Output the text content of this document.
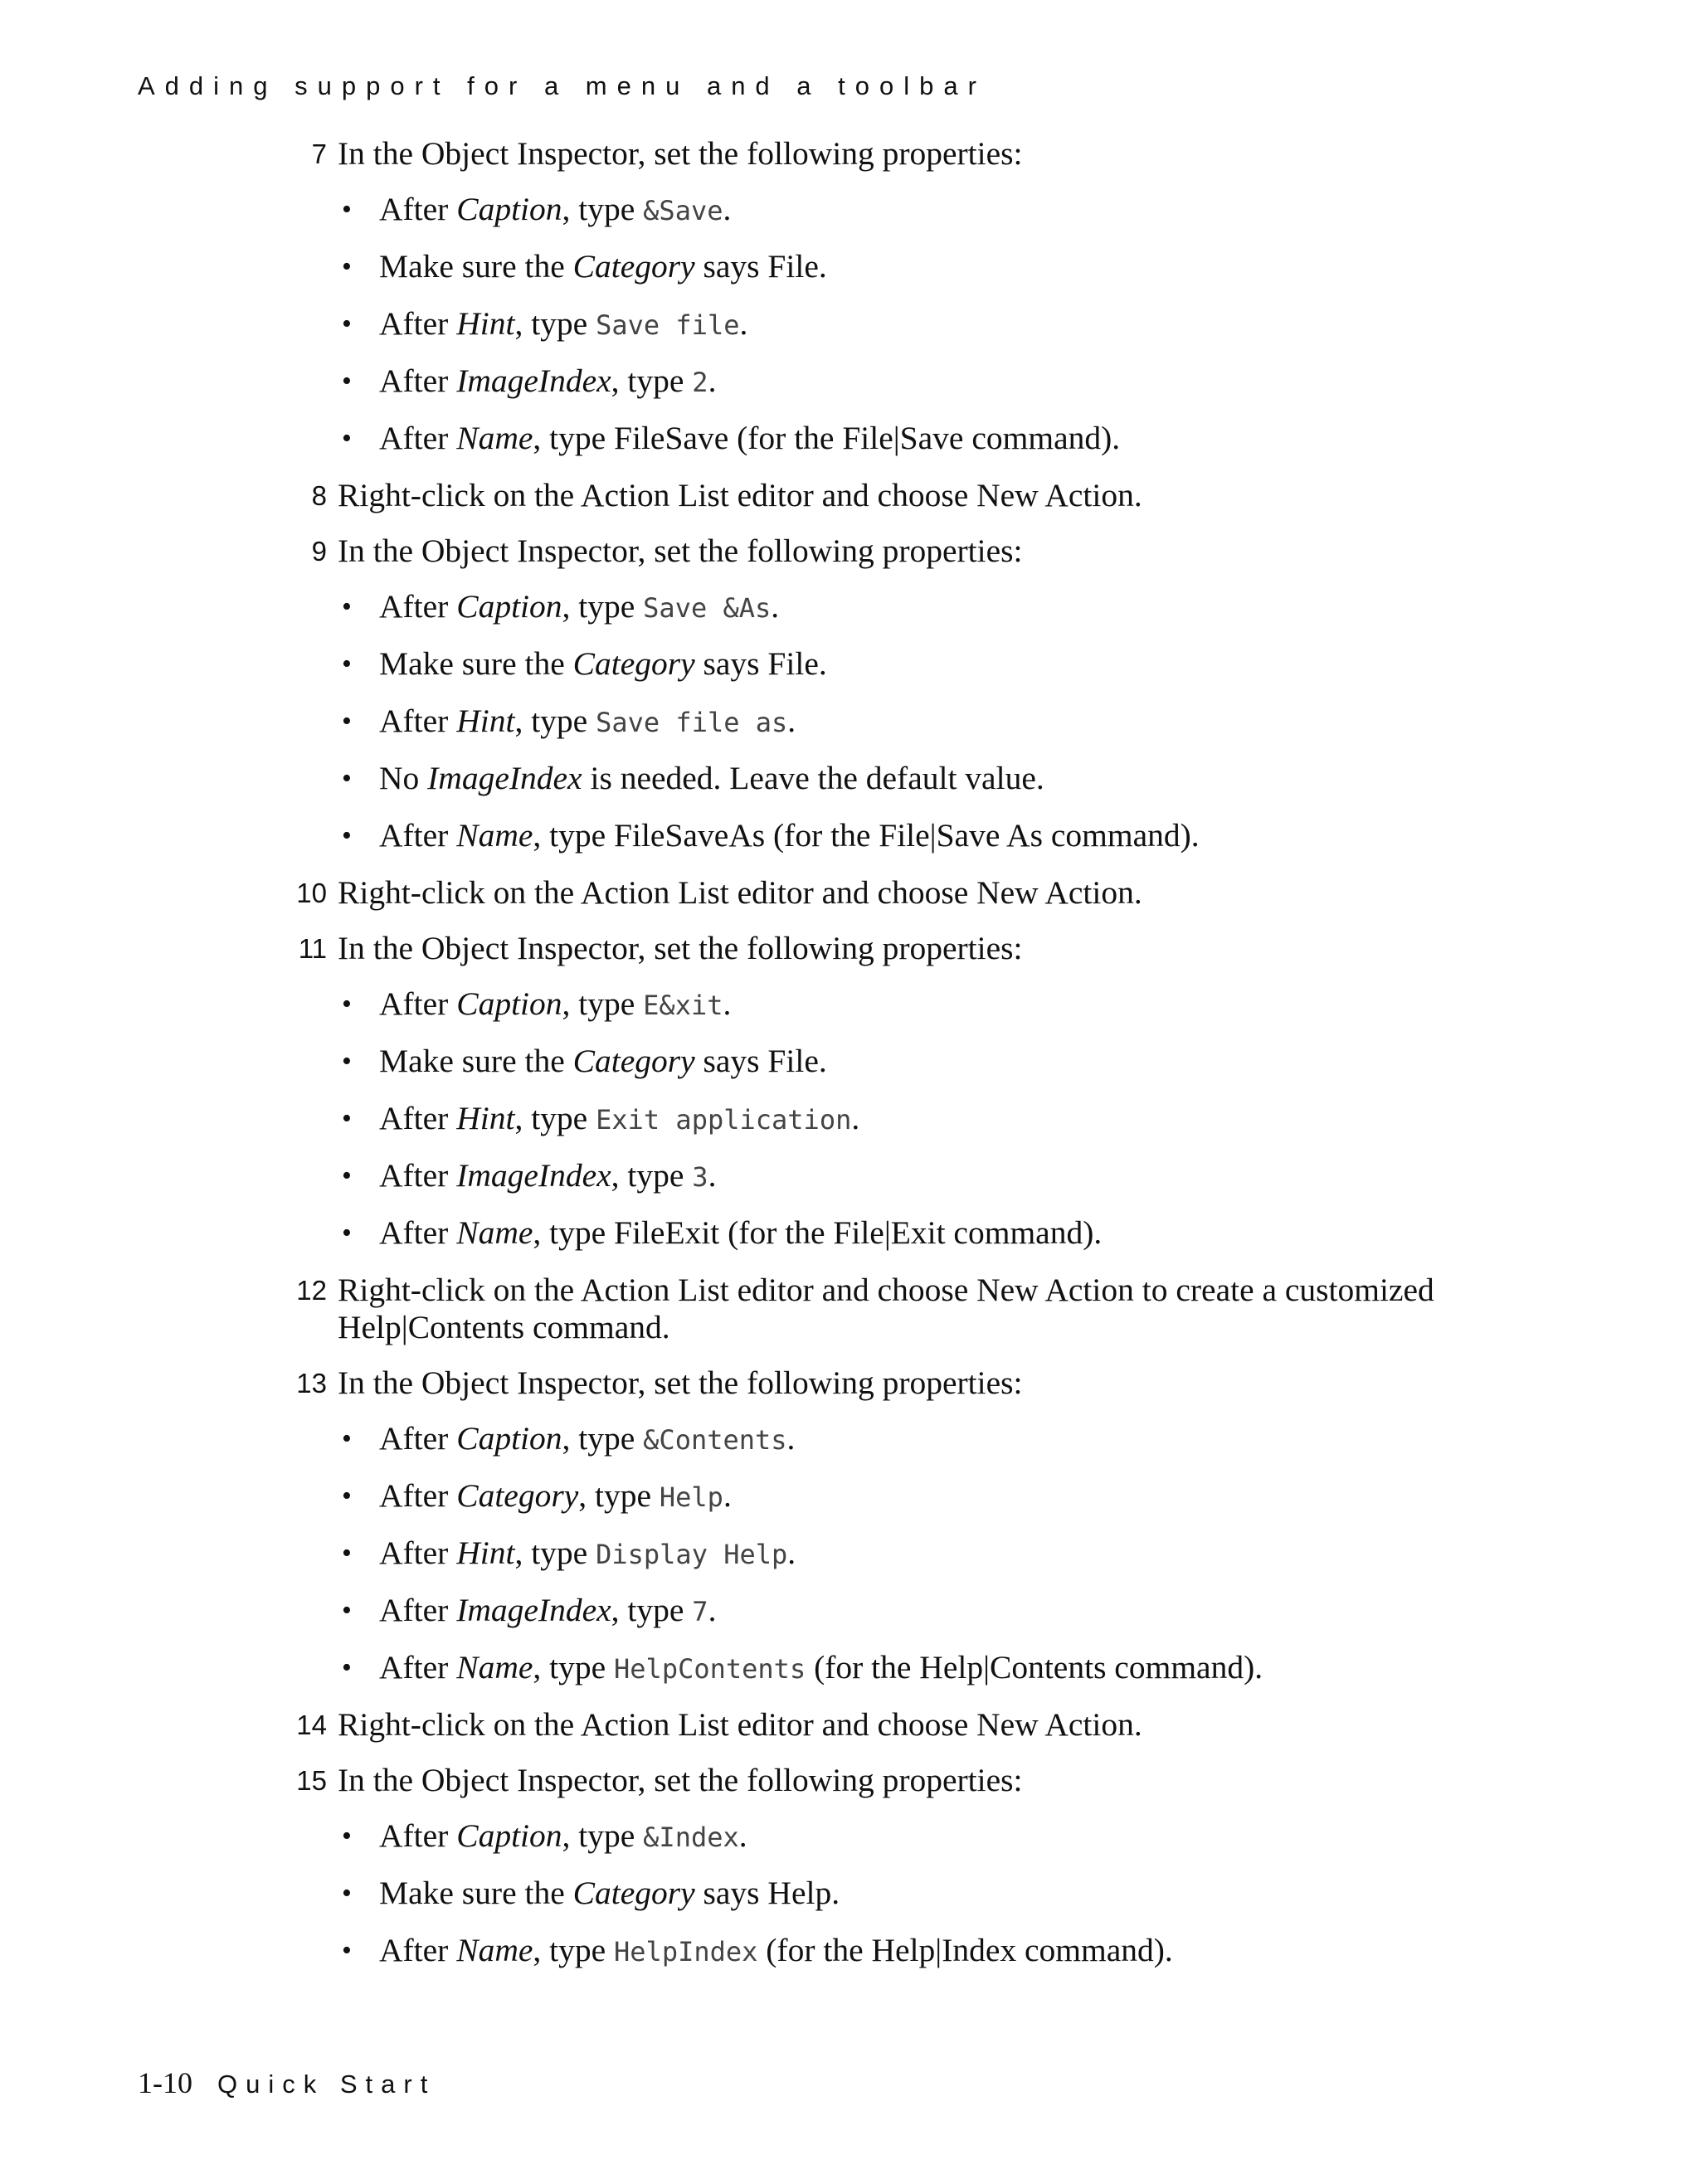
Adding support for a menu and a toolbar
7 In the Object Inspector, set the following properties:
• After Caption, type &Save.
• Make sure the Category says File.
• After Hint, type Save file.
• After ImageIndex, type 2.
• After Name, type FileSave (for the File|Save command).
8 Right-click on the Action List editor and choose New Action.
9 In the Object Inspector, set the following properties:
• After Caption, type Save &As.
• Make sure the Category says File.
• After Hint, type Save file as.
• No ImageIndex is needed. Leave the default value.
• After Name, type FileSaveAs (for the File|Save As command).
10 Right-click on the Action List editor and choose New Action.
11 In the Object Inspector, set the following properties:
• After Caption, type E&xit.
• Make sure the Category says File.
• After Hint, type Exit application.
• After ImageIndex, type 3.
• After Name, type FileExit (for the File|Exit command).
12 Right-click on the Action List editor and choose New Action to create a customized Help|Contents command.
13 In the Object Inspector, set the following properties:
• After Caption, type &Contents.
• After Category, type Help.
• After Hint, type Display Help.
• After ImageIndex, type 7.
• After Name, type HelpContents (for the Help|Contents command).
14 Right-click on the Action List editor and choose New Action.
15 In the Object Inspector, set the following properties:
• After Caption, type &Index.
• Make sure the Category says Help.
• After Name, type HelpIndex (for the Help|Index command).
1-10 Quick Start
